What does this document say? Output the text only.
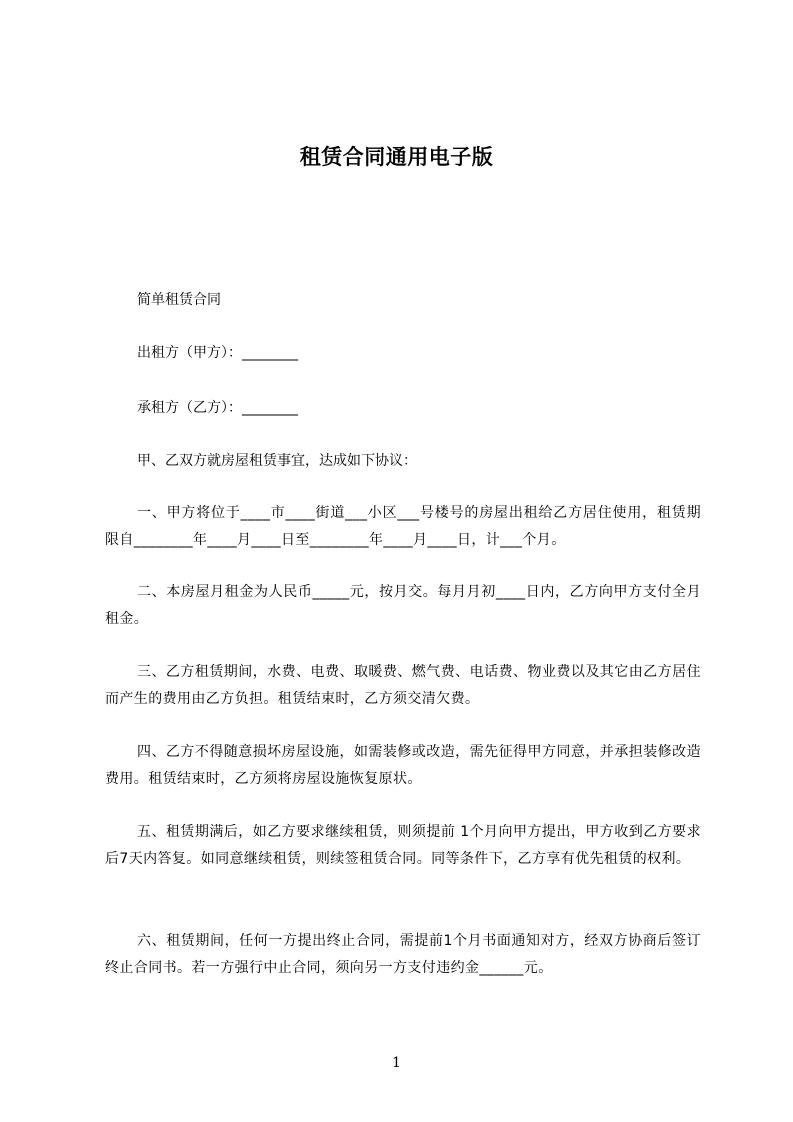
租赁合同通用电子版
简单租赁合同
出租方（甲方）：________
承租方（乙方）：________
甲、乙双方就房屋租赁事宜，达成如下协议：
一、甲方将位于____市____街道___小区___号楼号的房屋出租给乙方居住使用，租赁期限自________年____月____日至________年____月____日，计___个月。
二、本房屋月租金为人民币_____元，按月交。每月月初____日内，乙方向甲方支付全月租金。
三、乙方租赁期间，水费、电费、取暖费、燃气费、电话费、物业费以及其它由乙方居住而产生的费用由乙方负担。租赁结束时，乙方须交清欠费。
四、乙方不得随意损坏房屋设施，如需装修或改造，需先征得甲方同意，并承担装修改造费用。租赁结束时，乙方须将房屋设施恢复原状。
五、租赁期满后，如乙方要求继续租赁，则须提前 1个月向甲方提出，甲方收到乙方要求后7天内答复。如同意继续租赁，则续签租赁合同。同等条件下，乙方享有优先租赁的权利。
六、租赁期间，任何一方提出终止合同，需提前1个月书面通知对方，经双方协商后签订终止合同书。若一方强行中止合同，须向另一方支付违约金______元。
1
